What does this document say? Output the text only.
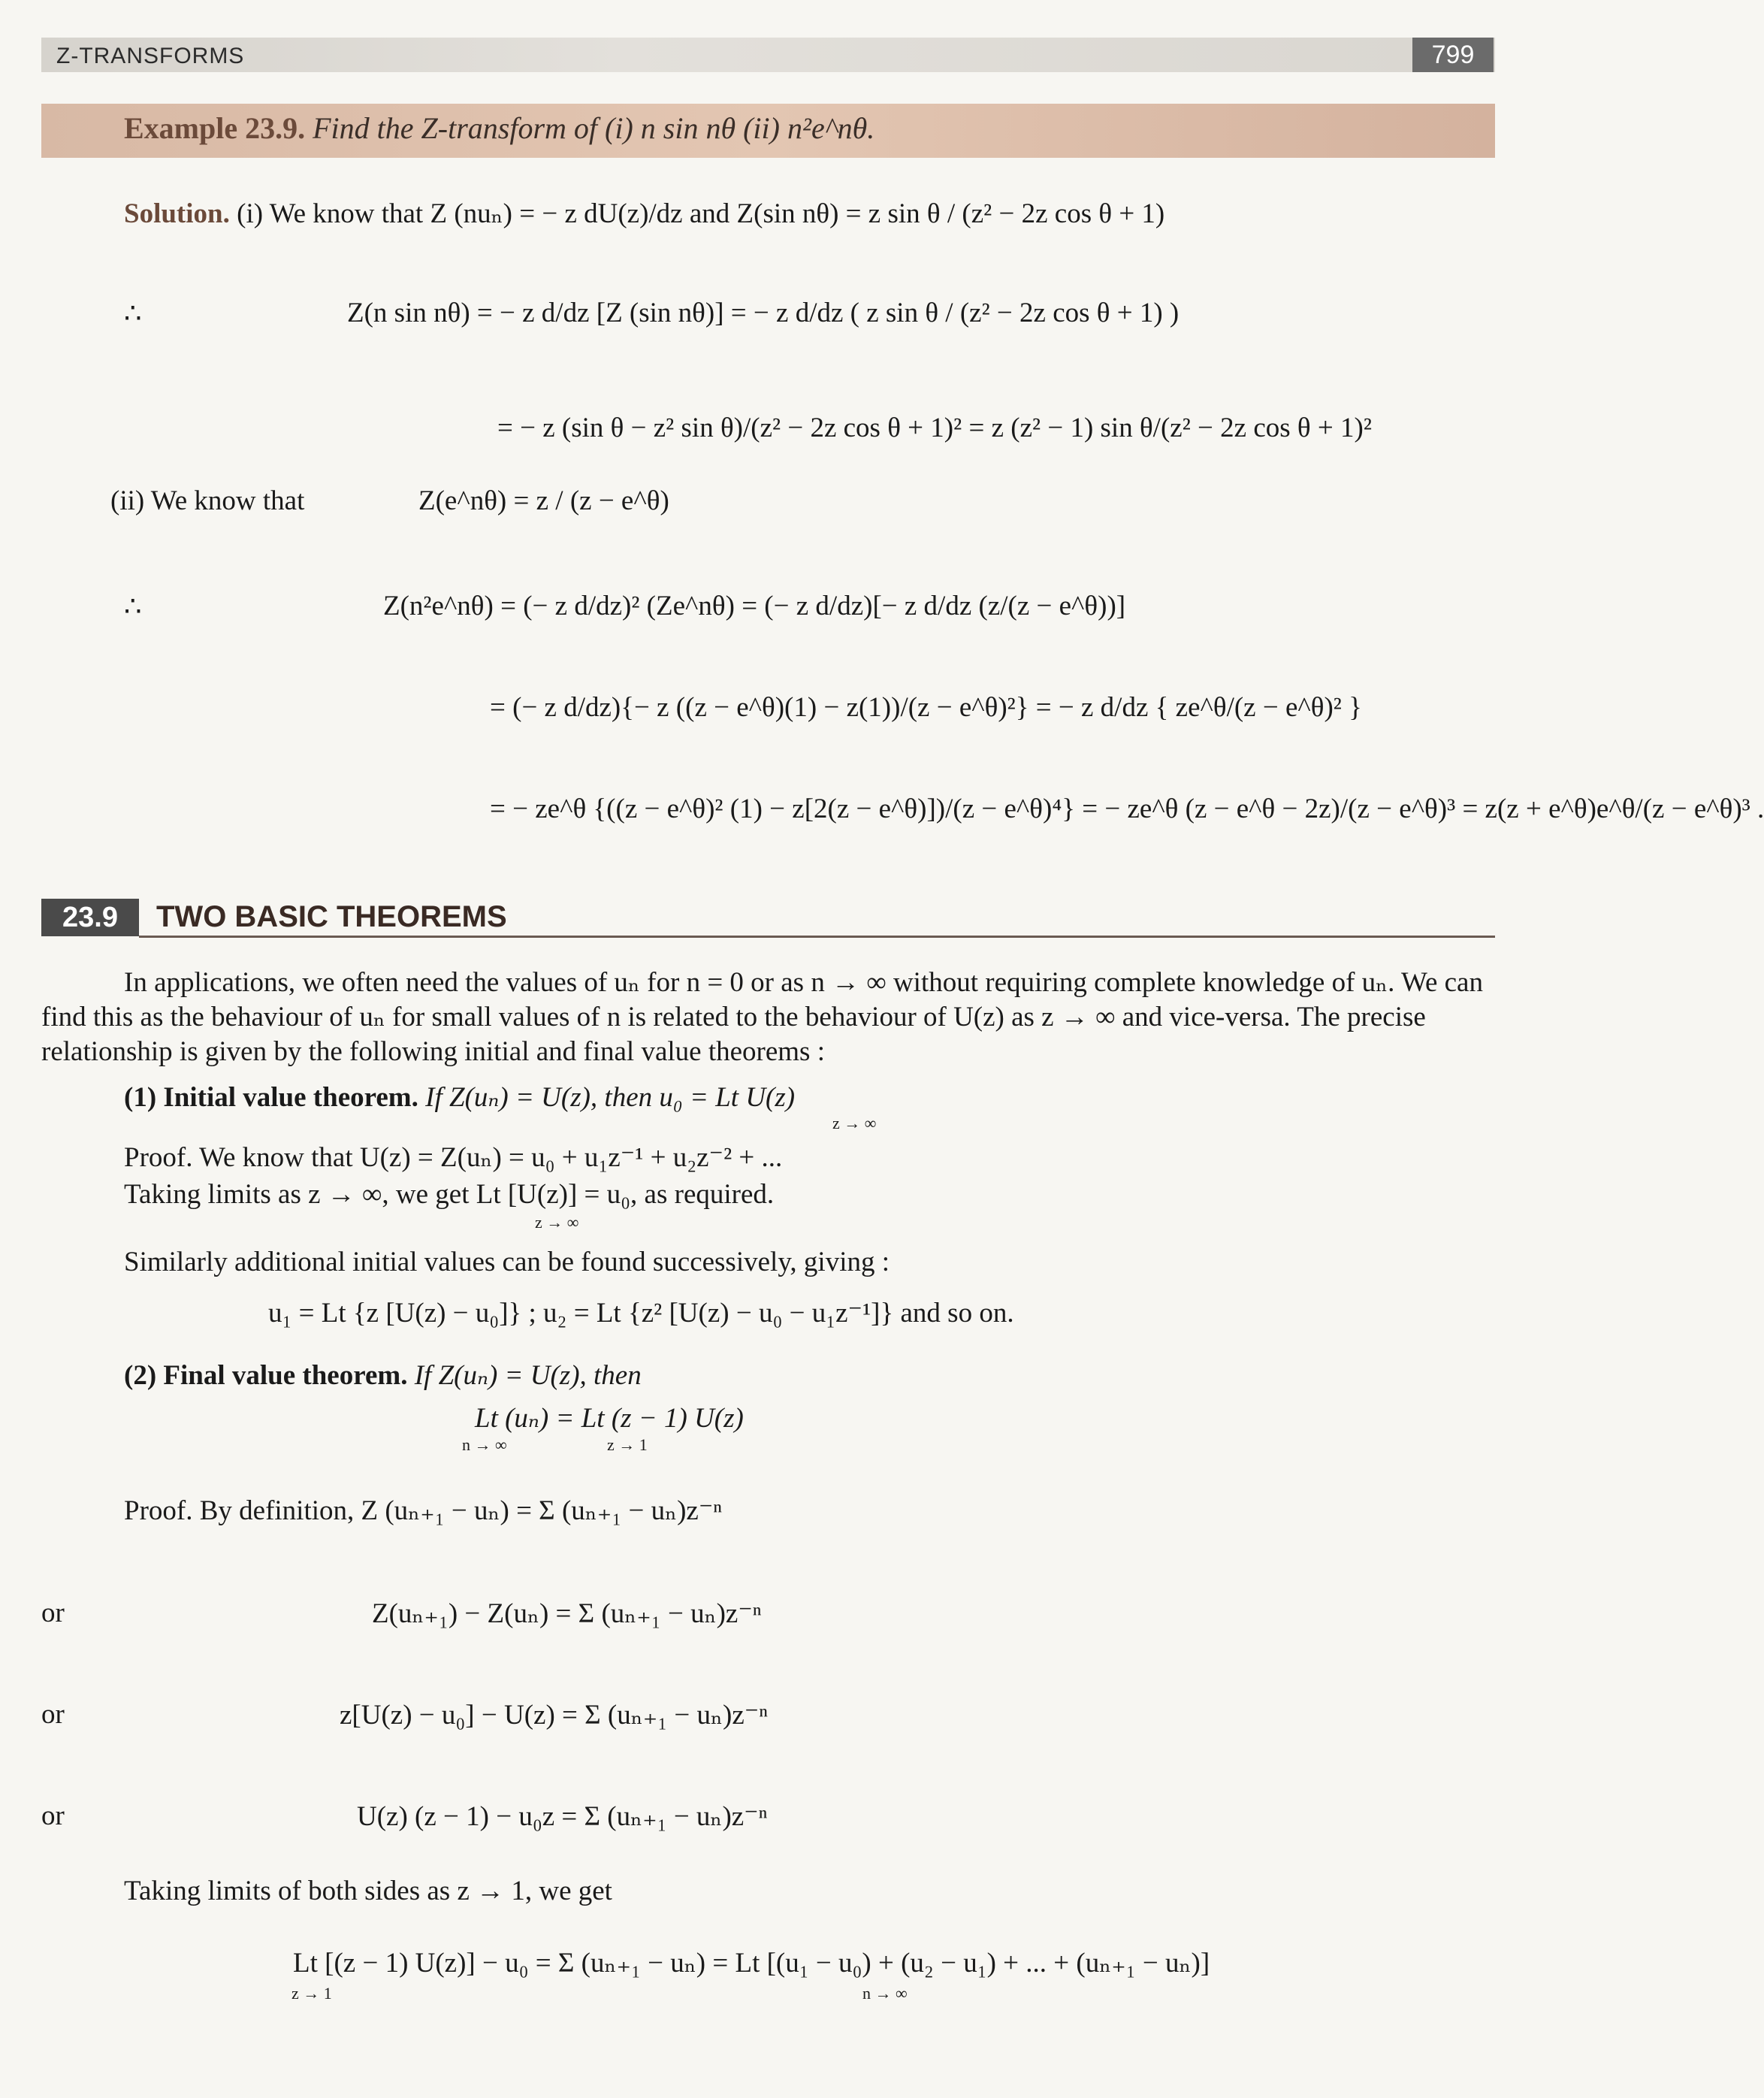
Z-TRANSFORMS	799
Example 23.9. Find the Z-transform of (i) n sin nθ (ii) n²e^nθ.
Solution. (i) We know that Z (nuₙ) = − z dU(z)/dz and Z(sin nθ) = z sin θ / (z² − 2z cos θ + 1)
∴	Z(n sin nθ) = − z d/dz [Z (sin nθ)] = − z d/dz ( z sin θ / (z² − 2z cos θ + 1) )
= − z (sin θ − z² sin θ)/(z² − 2z cos θ + 1)² = z (z² − 1) sin θ/(z² − 2z cos θ + 1)²
(ii) We know that	Z(e^nθ) = z / (z − e^θ)
∴	Z(n²e^nθ) = (− z d/dz)² (Ze^nθ) = (− z d/dz)[− z d/dz (z/(z − e^θ))]
= (− z d/dz){− z ((z − e^θ)(1) − z(1))/(z − e^θ)²} = − z d/dz { ze^θ/(z − e^θ)² }
= − ze^θ {((z − e^θ)² (1) − z[2(z − e^θ)])/(z − e^θ)⁴} = − ze^θ (z − e^θ − 2z)/(z − e^θ)³ = z(z + e^θ)e^θ/(z − e^θ)³ .
23.9	TWO BASIC THEOREMS
In applications, we often need the values of uₙ for n = 0 or as n → ∞ without requiring complete knowledge of uₙ. We can find this as the behaviour of uₙ for small values of n is related to the behaviour of U(z) as z → ∞ and vice-versa. The precise relationship is given by the following initial and final value theorems :
(1) Initial value theorem. If Z(uₙ) = U(z), then u₀ = Lt U(z)
z → ∞
Proof. We know that U(z) = Z(uₙ) = u₀ + u₁z⁻¹ + u₂z⁻² + ...
Taking limits as z → ∞, we get Lt [U(z)] = u₀, as required.
z → ∞
Similarly additional initial values can be found successively, giving :
u₁ = Lt {z [U(z) − u₀]} ; u₂ = Lt {z² [U(z) − u₀ − u₁z⁻¹]} and so on.
(2) Final value theorem. If Z(uₙ) = U(z), then
Lt (uₙ) = Lt (z − 1) U(z)
n → ∞	z → 1
Proof. By definition, Z (uₙ₊₁ − uₙ) = Σ (uₙ₊₁ − uₙ)z⁻ⁿ
or	Z(uₙ₊₁) − Z(uₙ) = Σ (uₙ₊₁ − uₙ)z⁻ⁿ
or	z[U(z) − u₀] − U(z) = Σ (uₙ₊₁ − uₙ)z⁻ⁿ
or	U(z) (z − 1) − u₀z = Σ (uₙ₊₁ − uₙ)z⁻ⁿ
Taking limits of both sides as z → 1, we get
Lt [(z − 1) U(z)] − u₀ = Σ (uₙ₊₁ − uₙ) = Lt [(u₁ − u₀) + (u₂ − u₁) + ... + (uₙ₊₁ − uₙ)]
z → 1	n → ∞
